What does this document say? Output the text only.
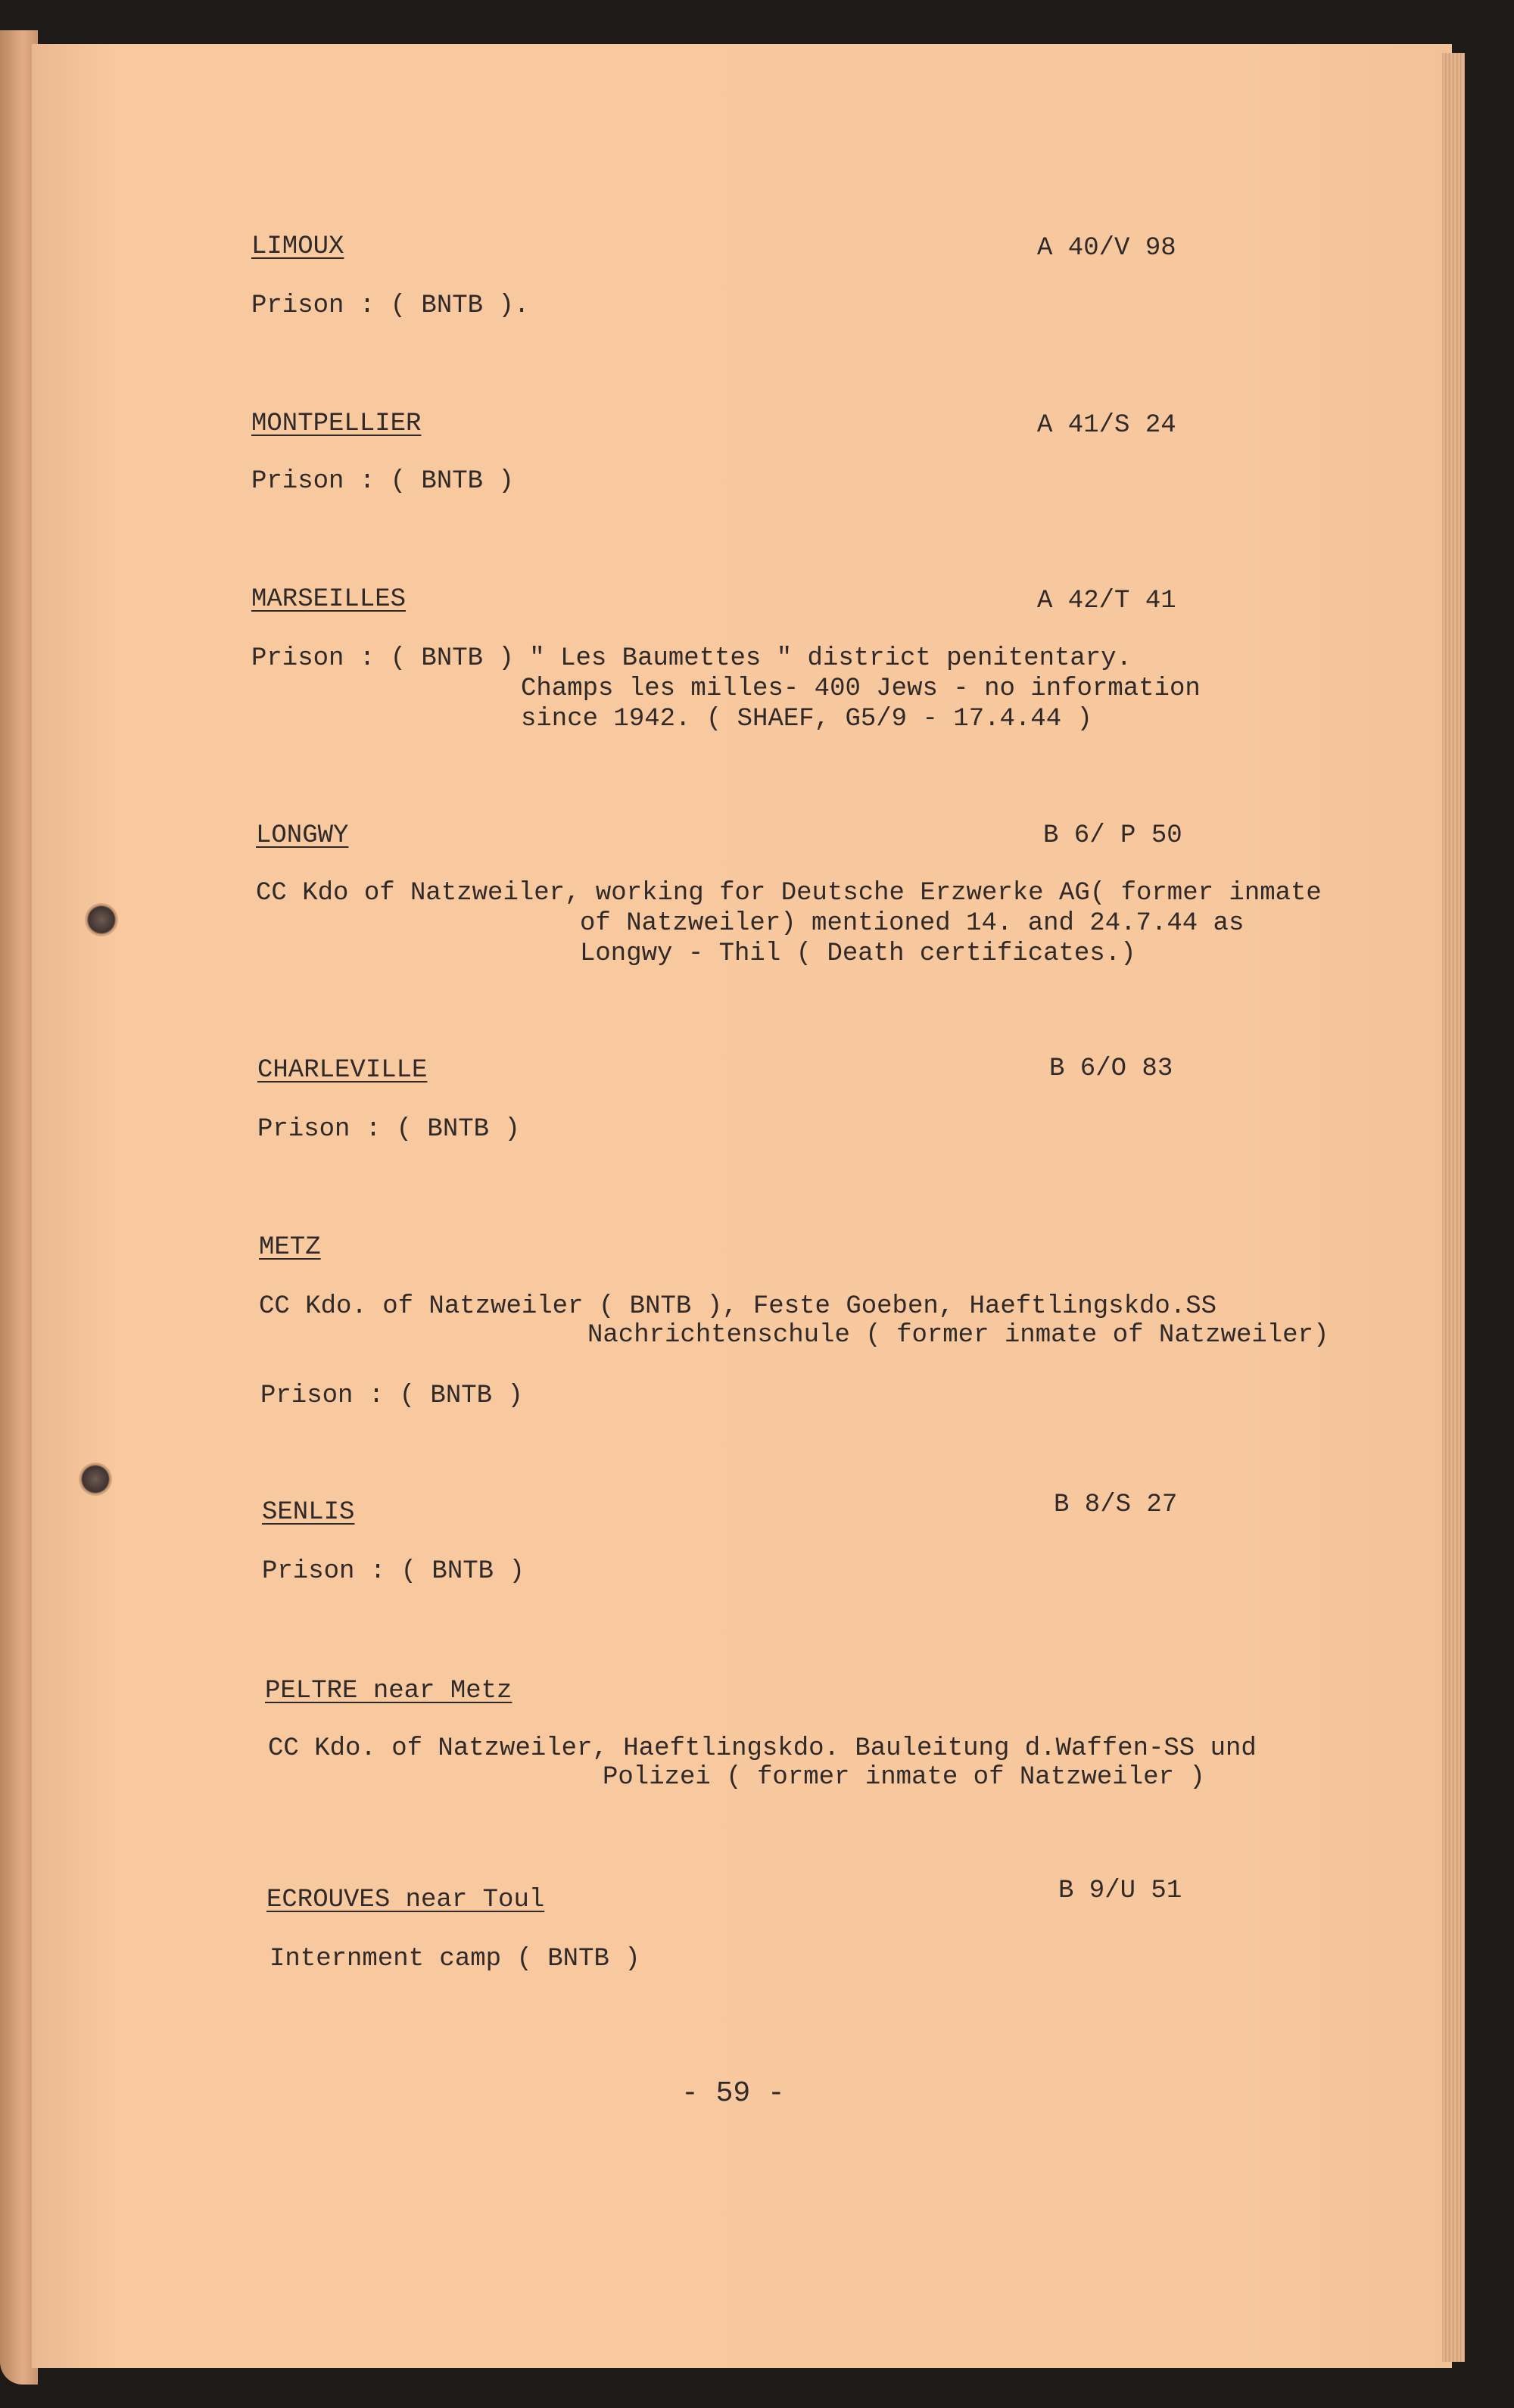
LIMOUX	A 40/V 98
Prison : ( BNTB ).
MONTPELLIER	A 41/S 24
Prison : ( BNTB )
MARSEILLES	A 42/T 41
Prison : ( BNTB ) " Les Baumettes " district penitentary.
Champs les milles- 400 Jews - no information
since 1942. ( SHAEF, G5/9 - 17.4.44 )
LONGWY	B 6/ P 50
CC Kdo of Natzweiler, working for Deutsche Erzwerke AG( former inmate
of Natzweiler) mentioned 14. and 24.7.44 as
Longwy - Thil ( Death certificates.)
CHARLEVILLE	B 6/O 83
Prison : ( BNTB )
METZ
CC Kdo. of Natzweiler ( BNTB ), Feste Goeben, Haeftlingskdo.SS
Nachrichtenschule ( former inmate of Natzweiler)
Prison : ( BNTB )
SENLIS	B 8/S 27
Prison : ( BNTB )
PELTRE near Metz
CC Kdo. of Natzweiler, Haeftlingskdo. Bauleitung d.Waffen-SS und
Polizei ( former inmate of Natzweiler )
ECROUVES near Toul	B 9/U 51
Internment camp ( BNTB )
- 59 -
